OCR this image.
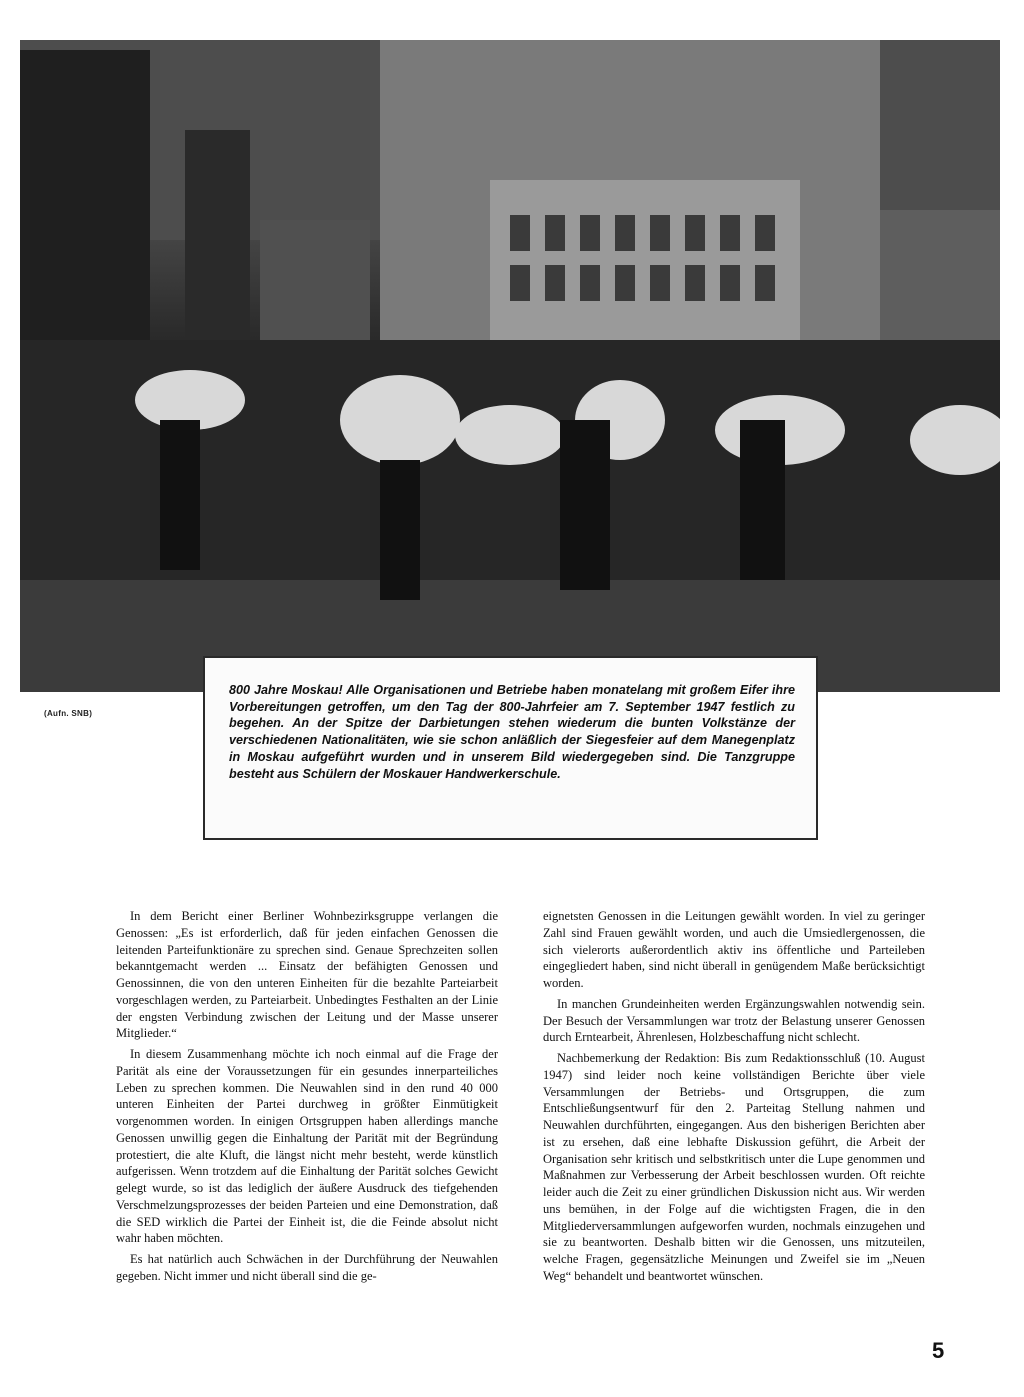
(Aufn. SNB)
800 Jahre Moskau! Alle Organisationen und Betriebe haben monatelang mit großem Eifer ihre Vorbereitungen getroffen, um den Tag der 800-Jahrfeier am 7. September 1947 festlich zu begehen. An der Spitze der Darbietungen stehen wiederum die bunten Volkstänze der verschiedenen Nationalitäten, wie sie schon anläßlich der Siegesfeier auf dem Manegenplatz in Moskau aufgeführt wurden und in unserem Bild wiedergegeben sind. Die Tanzgruppe besteht aus Schülern der Moskauer Handwerkerschule.

In dem Bericht einer Berliner Wohnbezirksgruppe verlangen die Genossen: „Es ist erforderlich, daß für jeden einfachen Genossen die leitenden Parteifunktionäre zu sprechen sind. Genaue Sprechzeiten sollen bekanntgemacht werden ... Einsatz der befähigten Genossen und Genossinnen, die von den unteren Einheiten für die bezahlte Parteiarbeit vorgeschlagen werden, zu Parteiarbeit. Unbedingtes Festhalten an der Linie der engsten Verbindung zwischen der Leitung und der Masse unserer Mitglieder.“

In diesem Zusammenhang möchte ich noch einmal auf die Frage der Parität als eine der Voraussetzungen für ein gesundes innerparteiliches Leben zu sprechen kommen. Die Neuwahlen sind in den rund 40 000 unteren Einheiten der Partei durchweg in größter Einmütigkeit vorgenommen worden. In einigen Ortsgruppen haben allerdings manche Genossen unwillig gegen die Einhaltung der Parität mit der Begründung protestiert, die alte Kluft, die längst nicht mehr besteht, werde künstlich aufgerissen. Wenn trotzdem auf die Einhaltung der Parität solches Gewicht gelegt wurde, so ist das lediglich der äußere Ausdruck des tiefgehenden Verschmelzungsprozesses der beiden Parteien und eine Demonstration, daß die SED wirklich die Partei der Einheit ist, die die Feinde absolut nicht wahr haben möchten.

Es hat natürlich auch Schwächen in der Durchführung der Neuwahlen gegeben. Nicht immer und nicht überall sind die ge-

eignetsten Genossen in die Leitungen gewählt worden. In viel zu geringer Zahl sind Frauen gewählt worden, und auch die Umsiedlergenossen, die sich vielerorts außerordentlich aktiv ins öffentliche und Parteileben eingegliedert haben, sind nicht überall in genügendem Maße berücksichtigt worden.

In manchen Grundeinheiten werden Ergänzungswahlen notwendig sein. Der Besuch der Versammlungen war trotz der Belastung unserer Genossen durch Erntearbeit, Ährenlesen, Holzbeschaffung nicht schlecht.

Nachbemerkung der Redaktion: Bis zum Redaktionsschluß (10. August 1947) sind leider noch keine vollständigen Berichte über viele Versammlungen der Betriebs- und Ortsgruppen, die zum Entschließungsentwurf für den 2. Parteitag Stellung nahmen und Neuwahlen durchführten, eingegangen. Aus den bisherigen Berichten aber ist zu ersehen, daß eine lebhafte Diskussion geführt, die Arbeit der Organisation sehr kritisch und selbstkritisch unter die Lupe genommen und Maßnahmen zur Verbesserung der Arbeit beschlossen wurden. Oft reichte leider auch die Zeit zu einer gründlichen Diskussion nicht aus. Wir werden uns bemühen, in der Folge auf die wichtigsten Fragen, die in den Mitgliederversammlungen aufgeworfen wurden, nochmals einzugehen und sie zu beantworten. Deshalb bitten wir die Genossen, uns mitzuteilen, welche Fragen, gegensätzliche Meinungen und Zweifel sie im „Neuen Weg“ behandelt und beantwortet wünschen.

5
